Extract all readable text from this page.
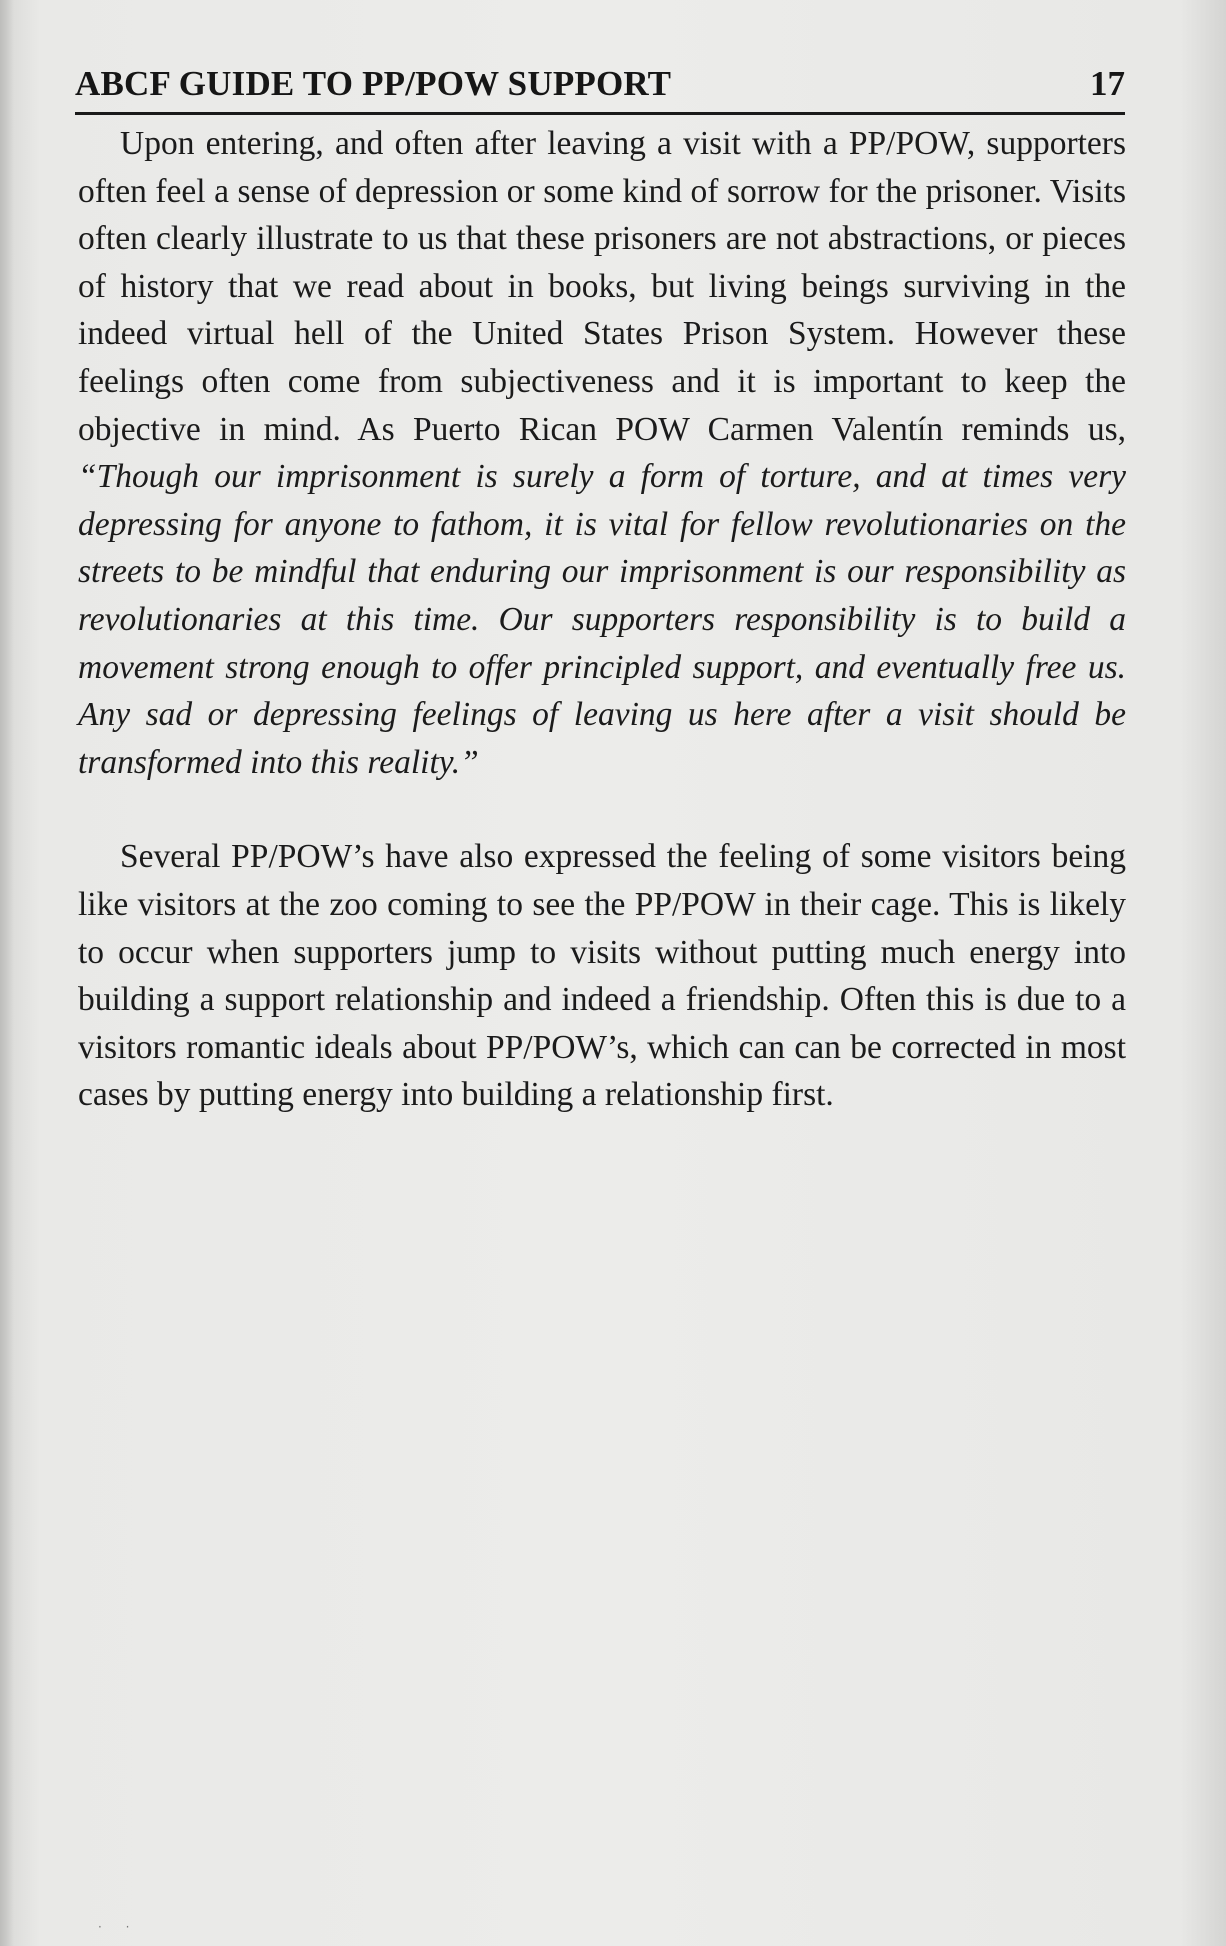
ABCF GUIDE TO PP/POW SUPPORT	17

Upon entering, and often after leaving a visit with a PP/POW, supporters often feel a sense of depression or some kind of sorrow for the prisoner. Visits often clearly illustrate to us that these prisoners are not abstractions, or pieces of history that we read about in books, but living beings surviving in the indeed virtual hell of the United States Prison System. However these feelings often come from subjectiveness and it is important to keep the objective in mind. As Puerto Rican POW Carmen Valentín reminds us, “Though our imprisonment is surely a form of torture, and at times very depressing for anyone to fathom, it is vital for fellow revolutionaries on the streets to be mindful that enduring our imprisonment is our responsibility as revolutionaries at this time. Our supporters responsibility is to build a movement strong enough to offer principled support, and eventually free us. Any sad or depressing feelings of leaving us here after a visit should be transformed into this reality.”

Several PP/POW’s have also expressed the feeling of some visitors being like visitors at the zoo coming to see the PP/POW in their cage. This is likely to occur when supporters jump to visits without putting much energy into building a support relationship and indeed a friendship. Often this is due to a visitors romantic ideals about PP/POW’s, which can can be corrected in most cases by putting energy into building a relationship first.

· ·
